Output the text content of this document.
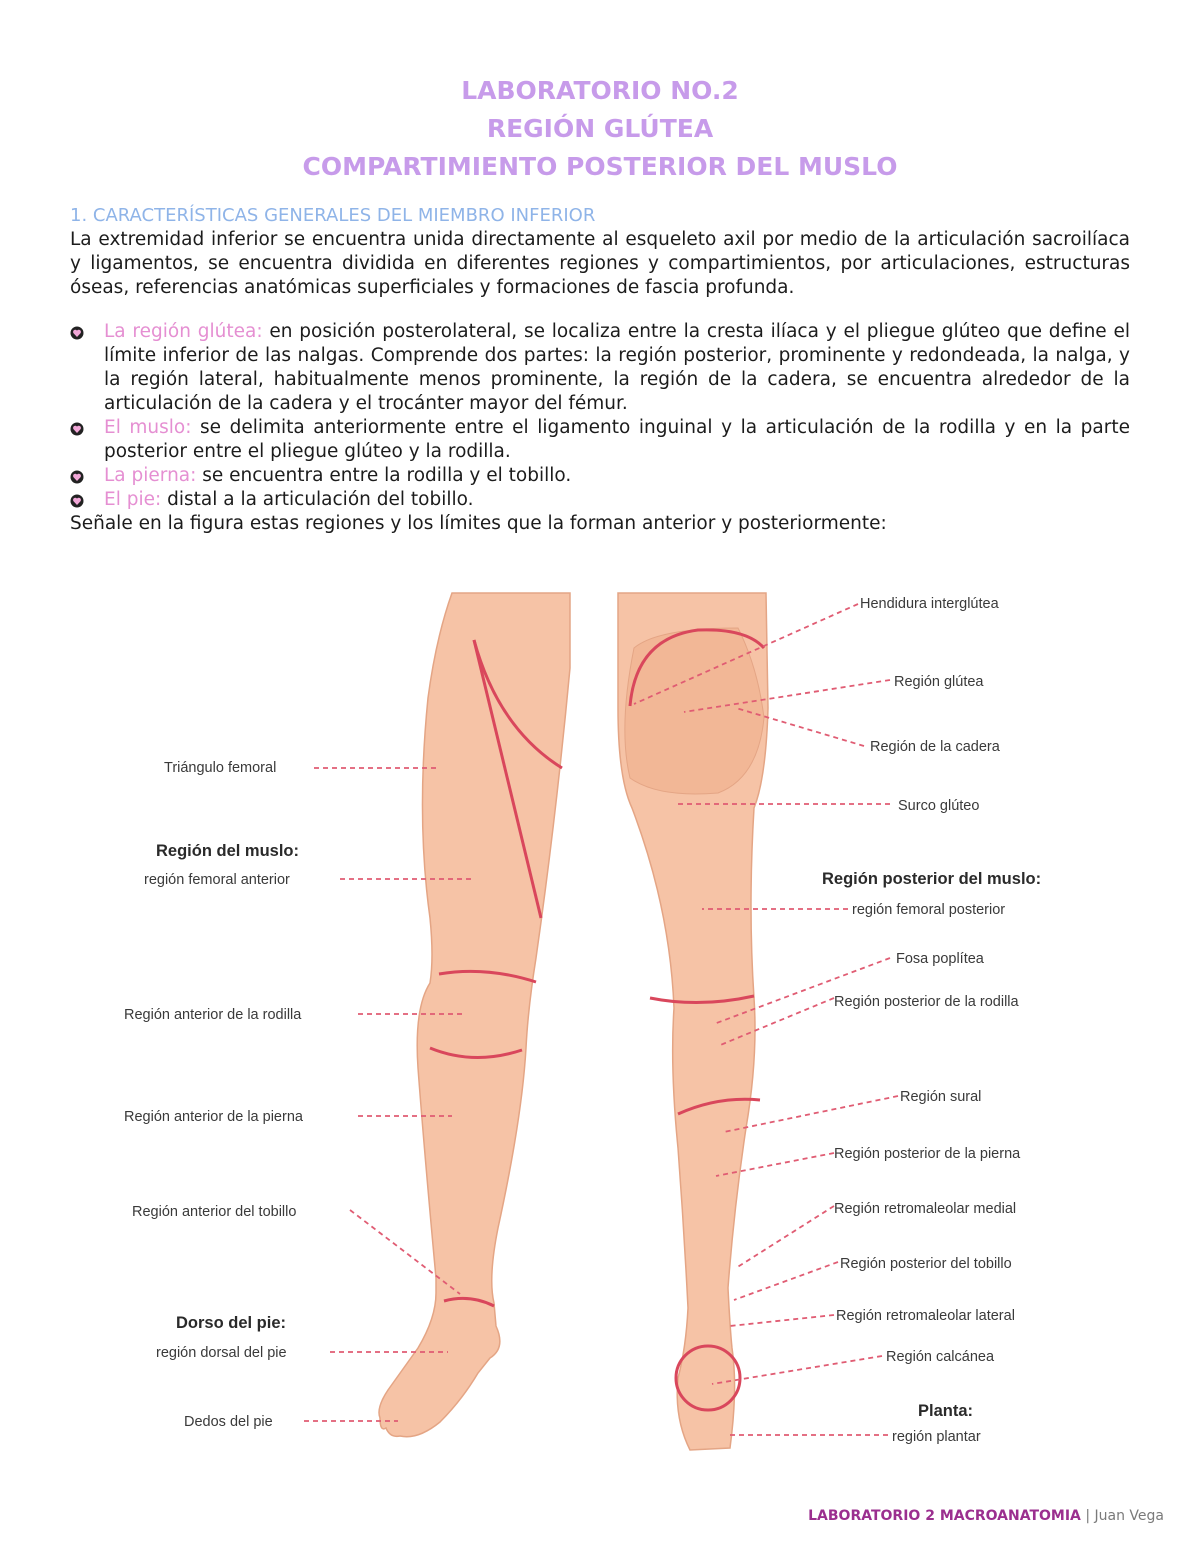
LABORATORIO NO.2
REGIÓN GLÚTEA
COMPARTIMIENTO POSTERIOR DEL MUSLO
1. CARACTERÍSTICAS GENERALES DEL MIEMBRO INFERIOR

La extremidad inferior se encuentra unida directamente al esqueleto axil por medio de la articulación sacroilíaca y ligamentos, se encuentra dividida en diferentes regiones y compartimientos, por articulaciones, estructuras óseas, referencias anatómicas superficiales y formaciones de fascia profunda.

La región glútea: en posición posterolateral, se localiza entre la cresta ilíaca y el pliegue glúteo que define el límite inferior de las nalgas. Comprende dos partes: la región posterior, prominente y redondeada, la nalga, y la región lateral, habitualmente menos prominente, la región de la cadera, se encuentra alrededor de la articulación de la cadera y el trocánter mayor del fémur.
El muslo: se delimita anteriormente entre el ligamento inguinal y la articulación de la rodilla y en la parte posterior entre el pliegue glúteo y la rodilla.
La pierna: se encuentra entre la rodilla y el tobillo.
El pie: distal a la articulación del tobillo.

Señale en la figura estas regiones y los límites que la forman anterior y posteriormente:

Triángulo femoral
Región del muslo:
región femoral anterior
Región anterior de la rodilla
Región anterior de la pierna
Región anterior del tobillo
Dorso del pie:
región dorsal del pie
Dedos del pie
Hendidura interglútea
Región glútea
Región de la cadera
Surco glúteo
Región posterior del muslo:
región femoral posterior
Fosa poplítea
Región posterior de la rodilla
Región sural
Región posterior de la pierna
Región retromaleolar medial
Región posterior del tobillo
Región retromaleolar lateral
Región calcánea
Planta:
región plantar
LABORATORIO 2 MACROANATOMIA | Juan Vega
